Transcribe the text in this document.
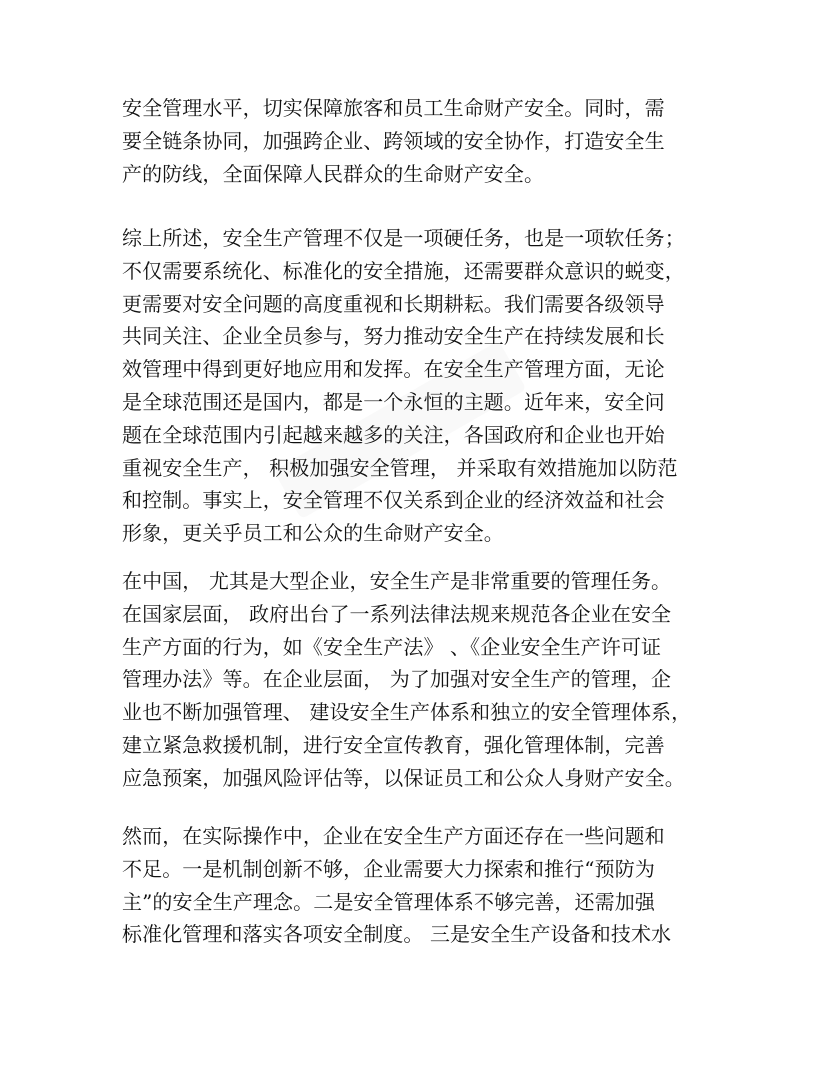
安全管理水平，切实保障旅客和员工生命财产安全。同时，需
要全链条协同，加强跨企业、跨领域的安全协作，打造安全生
产的防线，全面保障人民群众的生命财产安全。
综上所述，安全生产管理不仅是一项硬任务，也是一项软任务；
不仅需要系统化、标准化的安全措施，还需要群众意识的蜕变，
更需要对安全问题的高度重视和长期耕耘。我们需要各级领导
共同关注、企业全员参与，努力推动安全生产在持续发展和长
效管理中得到更好地应用和发挥。在安全生产管理方面，无论
是全球范围还是国内，都是一个永恒的主题。近年来，安全问
题在全球范围内引起越来越多的关注，各国政府和企业也开始
重视安全生产， 积极加强安全管理， 并采取有效措施加以防范
和控制。事实上，安全管理不仅关系到企业的经济效益和社会
形象，更关乎员工和公众的生命财产安全。
在中国， 尤其是大型企业，安全生产是非常重要的管理任务。
在国家层面， 政府出台了一系列法律法规来规范各企业在安全
生产方面的行为，如《安全生产法》 、《企业安全生产许可证
管理办法》等。在企业层面， 为了加强对安全生产的管理，企
业也不断加强管理、 建设安全生产体系和独立的安全管理体系，
建立紧急救援机制，进行安全宣传教育，强化管理体制，完善
应急预案，加强风险评估等，以保证员工和公众人身财产安全。
然而，在实际操作中，企业在安全生产方面还存在一些问题和
不足。一是机制创新不够，企业需要大力探索和推行“预防为
主”的安全生产理念。二是安全管理体系不够完善，还需加强
标准化管理和落实各项安全制度。 三是安全生产设备和技术水
